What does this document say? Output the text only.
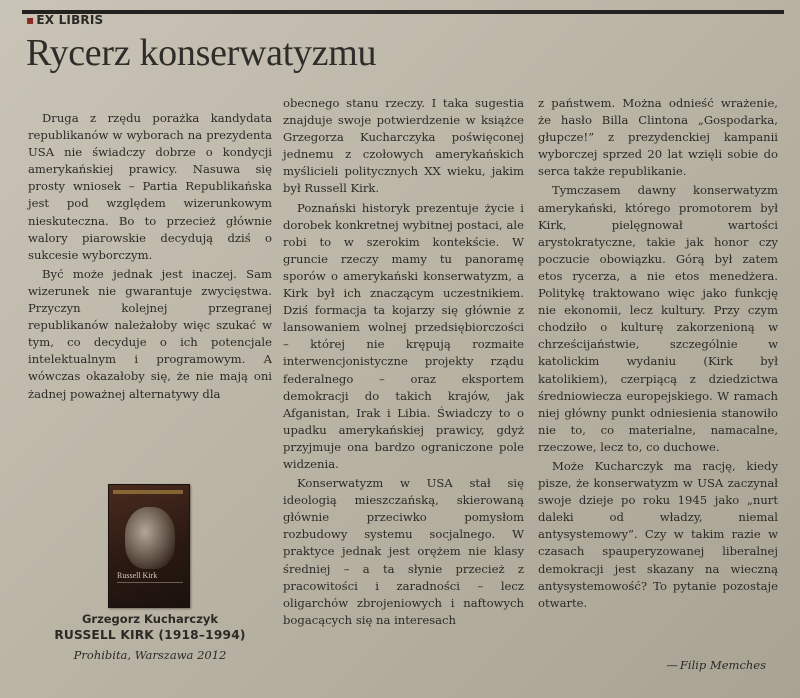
▪ EX LIBRIS
Rycerz konserwatyzmu

Druga z rzędu porażka kandydata republikanów w wyborach na prezydenta USA nie świadczy dobrze o kondycji amerykańskiej prawicy. Nasuwa się prosty wniosek – Partia Republikańska jest pod względem wizerunkowym nieskuteczna. Bo to przecież głównie walory piarowskie decydują dziś o sukcesie wyborczym.

Być może jednak jest inaczej. Sam wizerunek nie gwarantuje zwycięstwa. Przyczyn kolejnej przegranej republikanów należałoby więc szukać w tym, co decyduje o ich potencjale intelektualnym i programowym. A wówczas okazałoby się, że nie mają oni żadnej poważnej alternatywy dla

Russell Kirk
Grzegorz Kucharczyk
RUSSELL KIRK (1918–1994)
Prohibita, Warszawa 2012

obecnego stanu rzeczy. I taka sugestia znajduje swoje potwierdzenie w książce Grzegorza Kucharczyka poświęconej jednemu z czołowych amerykańskich myślicieli politycznych XX wieku, jakim był Russell Kirk.

Poznański historyk prezentuje życie i dorobek konkretnej wybitnej postaci, ale robi to w szerokim kontekście. W gruncie rzeczy mamy tu panoramę sporów o amerykański konserwatyzm, a Kirk był ich znaczącym uczestnikiem. Dziś formacja ta kojarzy się głównie z lansowaniem wolnej przedsiębiorczości – której nie krępują rozmaite interwencjonistyczne projekty rządu federalnego – oraz eksportem demokracji do takich krajów, jak Afganistan, Irak i Libia. Świadczy to o upadku amerykańskiej prawicy, gdyż przyjmuje ona bardzo ograniczone pole widzenia.

Konserwatyzm w USA stał się ideologią mieszczańską, skierowaną głównie przeciwko pomysłom rozbudowy systemu socjalnego. W praktyce jednak jest orężem nie klasy średniej – a ta słynie przecież z pracowitości i zaradności – lecz oligarchów zbrojeniowych i naftowych bogacących się na interesach

z państwem. Można odnieść wrażenie, że hasło Billa Clintona „Gospodarka, głupcze!” z prezydenckiej kampanii wyborczej sprzed 20 lat wzięli sobie do serca także republikanie.

Tymczasem dawny konserwatyzm amerykański, którego promotorem był Kirk, pielęgnował wartości arystokratyczne, takie jak honor czy poczucie obowiązku. Górą był zatem etos rycerza, a nie etos menedżera. Politykę traktowano więc jako funkcję nie ekonomii, lecz kultury. Przy czym chodziło o kulturę zakorzenioną w chrześcijaństwie, szczególnie w katolickim wydaniu (Kirk był katolikiem), czerpiącą z dziedzictwa średniowiecza europejskiego. W ramach niej główny punkt odniesienia stanowiło nie to, co materialne, namacalne, rzeczowe, lecz to, co duchowe.

Może Kucharczyk ma rację, kiedy pisze, że konserwatyzm w USA zaczynał swoje dzieje po roku 1945 jako „nurt daleki od władzy, niemal antysystemowy”. Czy w takim razie w czasach spauperyzowanej liberalnej demokracji jest skazany na wieczną antysystemowość? To pytanie pozostaje otwarte.

— Filip Memches
